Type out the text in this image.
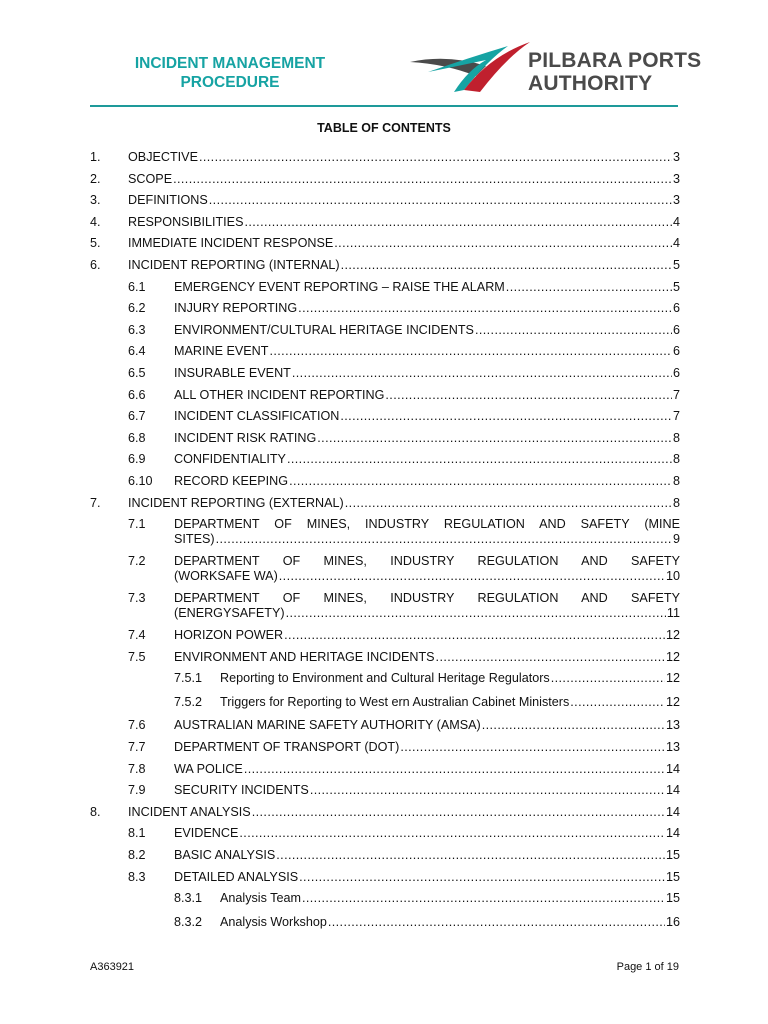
INCIDENT MANAGEMENT
PROCEDURE
PILBARA PORTS
AUTHORITY
TABLE OF CONTENTS
1. OBJECTIVE .....	3
2. SCOPE .....	3
3. DEFINITIONS .....	3
4. RESPONSIBILITIES .....	4
5. IMMEDIATE INCIDENT RESPONSE .....	4
6. INCIDENT REPORTING (INTERNAL) .....	5
6.1 EMERGENCY EVENT REPORTING – RAISE THE ALARM .....	5
6.2 INJURY REPORTING .....	6
6.3 ENVIRONMENT/CULTURAL HERITAGE INCIDENTS .....	6
6.4 MARINE EVENT .....	6
6.5 INSURABLE EVENT .....	6
6.6 ALL OTHER INCIDENT REPORTING .....	7
6.7 INCIDENT CLASSIFICATION .....	7
6.8 INCIDENT RISK RATING .....	8
6.9 CONFIDENTIALITY .....	8
6.10 RECORD KEEPING .....	8
7. INCIDENT REPORTING (EXTERNAL) .....	8
7.1 DEPARTMENT OF MINES, INDUSTRY REGULATION AND SAFETY (MINE
SITES) .....	9
7.2 DEPARTMENT OF MINES, INDUSTRY REGULATION AND SAFETY
(WORKSAFE WA) .....	10
7.3 DEPARTMENT OF MINES, INDUSTRY REGULATION AND SAFETY
(ENERGYSAFETY) .....	11
7.4 HORIZON POWER .....	12
7.5 ENVIRONMENT AND HERITAGE INCIDENTS .....	12
7.5.1 Reporting to Environment and Cultural Heritage Regulators .....	12
7.5.2 Triggers for Reporting to West ern Australian Cabinet Ministers .....	12
7.6 AUSTRALIAN MARINE SAFETY AUTHORITY (AMSA) .....	13
7.7 DEPARTMENT OF TRANSPORT (DOT) .....	13
7.8 WA POLICE .....	14
7.9 SECURITY INCIDENTS .....	14
8. INCIDENT ANALYSIS .....	14
8.1 EVIDENCE .....	14
8.2 BASIC ANALYSIS .....	15
8.3 DETAILED ANALYSIS .....	15
8.3.1 Analysis Team .....	15
8.3.2 Analysis Workshop .....	16
A363921	Page 1 of 19
